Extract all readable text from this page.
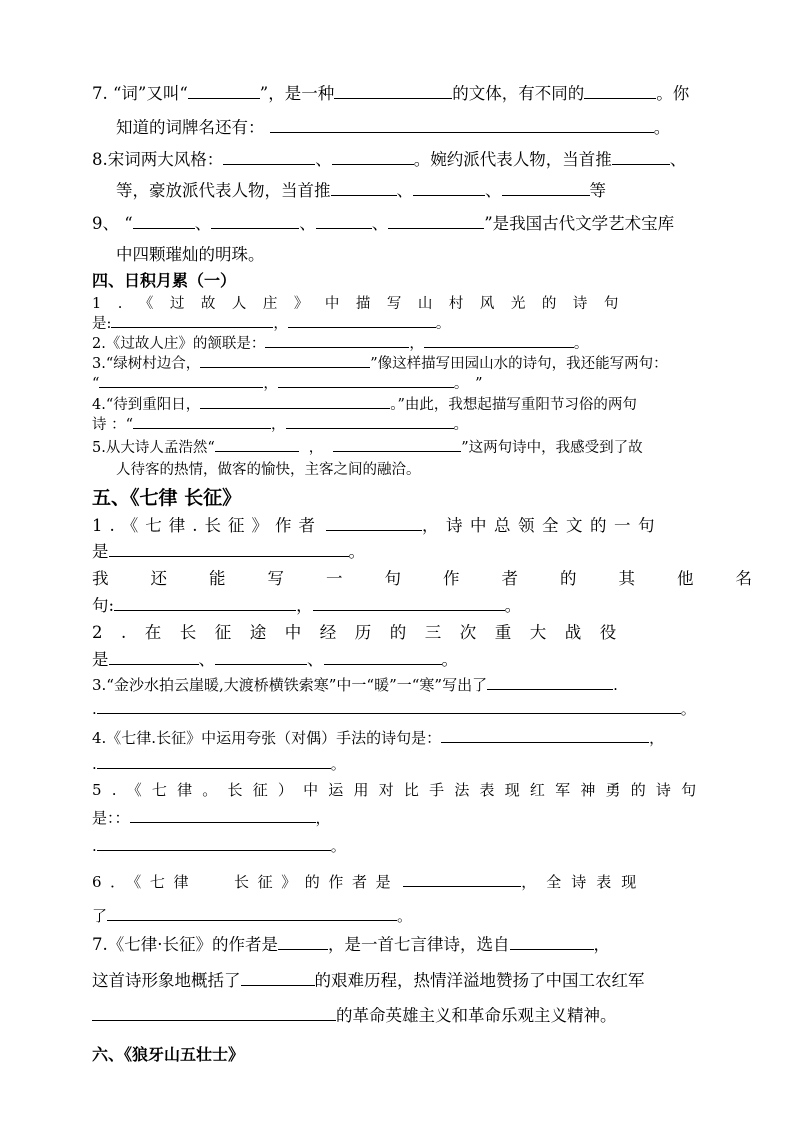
7. “词”又叫“	”，是一种	的文体，有不同的	。你
知道的词牌名还有：	。
8.宋词两大风格：	、	。婉约派代表人物，当首推	、
等，豪放派代表人物，当首推	、	、	等
9、 “	、	、	、	”是我国古代文学艺术宝库
中四颗璀灿的明珠。
四、日积月累（一）
1.《过故人庄》中描写山村风光的诗句
是:	，	。
2.《过故人庄》的颔联是：	，	。
3.“绿树村边合，	”像这样描写田园山水的诗句，我还能写两句：
“	，	。 ”
4.“待到重阳日，	。”由此，我想起描写重阳节习俗的两句
诗 ：“	，	。
5.从大诗人孟浩然“	，	”这两句诗中，我感受到了故
人待客的热情，做客的愉快，主客之间的融洽。
五、《七律 长征》
1.《七律.长征》作者	，诗中总领全文的一句
是	。
我还能写一句作者的其他名
句:	，	。
2.在长征途中经历的三次重大战役
是	、	、	。
3.“金沙水拍云崖暖,大渡桥横铁索寒”中一“暖”一“寒”写出了	.
.	。
4.《七律.长征》中运用夸张（对偶）手法的诗句是：	，
.	。
5.《七律。长征）中运用对比手法表现红军神勇的诗句
是：：	，
.	。
6．《七律　 长征》的作者是	，全诗表现
了	。
7.《七律·长征》的作者是	，是一首七言律诗，选自	，
这首诗形象地概括了	的艰难历程，热情洋溢地赞扬了中国工农红军
的革命英雄主义和革命乐观主义精神。
六、《狼牙山五壮士》
